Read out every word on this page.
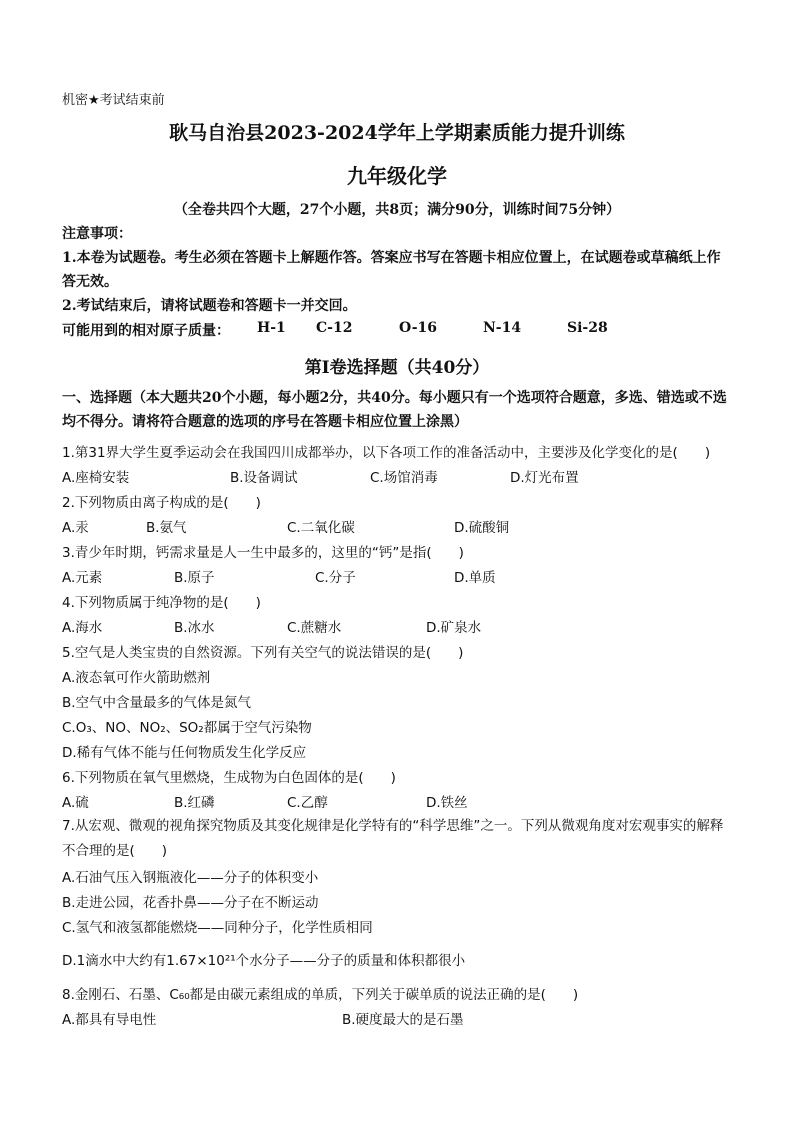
机密★考试结束前
耿马自治县2023-2024学年上学期素质能力提升训练
九年级化学
（全卷共四个大题，27个小题，共8页；满分90分，训练时间75分钟）
注意事项：
1.本卷为试题卷。考生必须在答题卡上解题作答。答案应书写在答题卡相应位置上，在试题卷或草稿纸上作答无效。
2.考试结束后，请将试题卷和答题卡一并交回。
可能用到的相对原子质量： H-1 C-12	O-16	N-14	Si-28
第Ⅰ卷选择题（共40分）
一、选择题（本大题共20个小题，每小题2分，共40分。每小题只有一个选项符合题意，多选、错选或不选均不得分。请将符合题意的选项的序号在答题卡相应位置上涂黑）
1.第31界大学生夏季运动会在我国四川成都举办，以下各项工作的准备活动中，主要涉及化学变化的是(　　)
A.座椅安装	B.设备调试	C.场馆消毒	D.灯光布置
2.下列物质由离子构成的是(　　)
A.汞	B.氨气	C.二氧化碳	D.硫酸铜
3.青少年时期，钙需求量是人一生中最多的，这里的“钙”是指(　　)
A.元素	B.原子	C.分子	D.单质
4.下列物质属于纯净物的是(　　)
A.海水	B.冰水	C.蔗糖水	D.矿泉水
5.空气是人类宝贵的自然资源。下列有关空气的说法错误的是(　　)
A.液态氧可作火箭助燃剂
B.空气中含量最多的气体是氮气
C.O₃、NO、NO₂、SO₂都属于空气污染物
D.稀有气体不能与任何物质发生化学反应
6.下列物质在氧气里燃烧，生成物为白色固体的是(　　)
A.硫	B.红磷	C.乙醇	D.铁丝
7.从宏观、微观的视角探究物质及其变化规律是化学特有的“科学思维”之一。下列从微观角度对宏观事实的解释不合理的是(　　)
A.石油气压入钢瓶液化——分子的体积变小
B.走进公园，花香扑鼻——分子在不断运动
C.氢气和液氢都能燃烧——同种分子，化学性质相同
D.1滴水中大约有1.67×10²¹个水分子——分子的质量和体积都很小
8.金刚石、石墨、C₆₀都是由碳元素组成的单质，下列关于碳单质的说法正确的是(　　)
A.都具有导电性	B.硬度最大的是石墨
